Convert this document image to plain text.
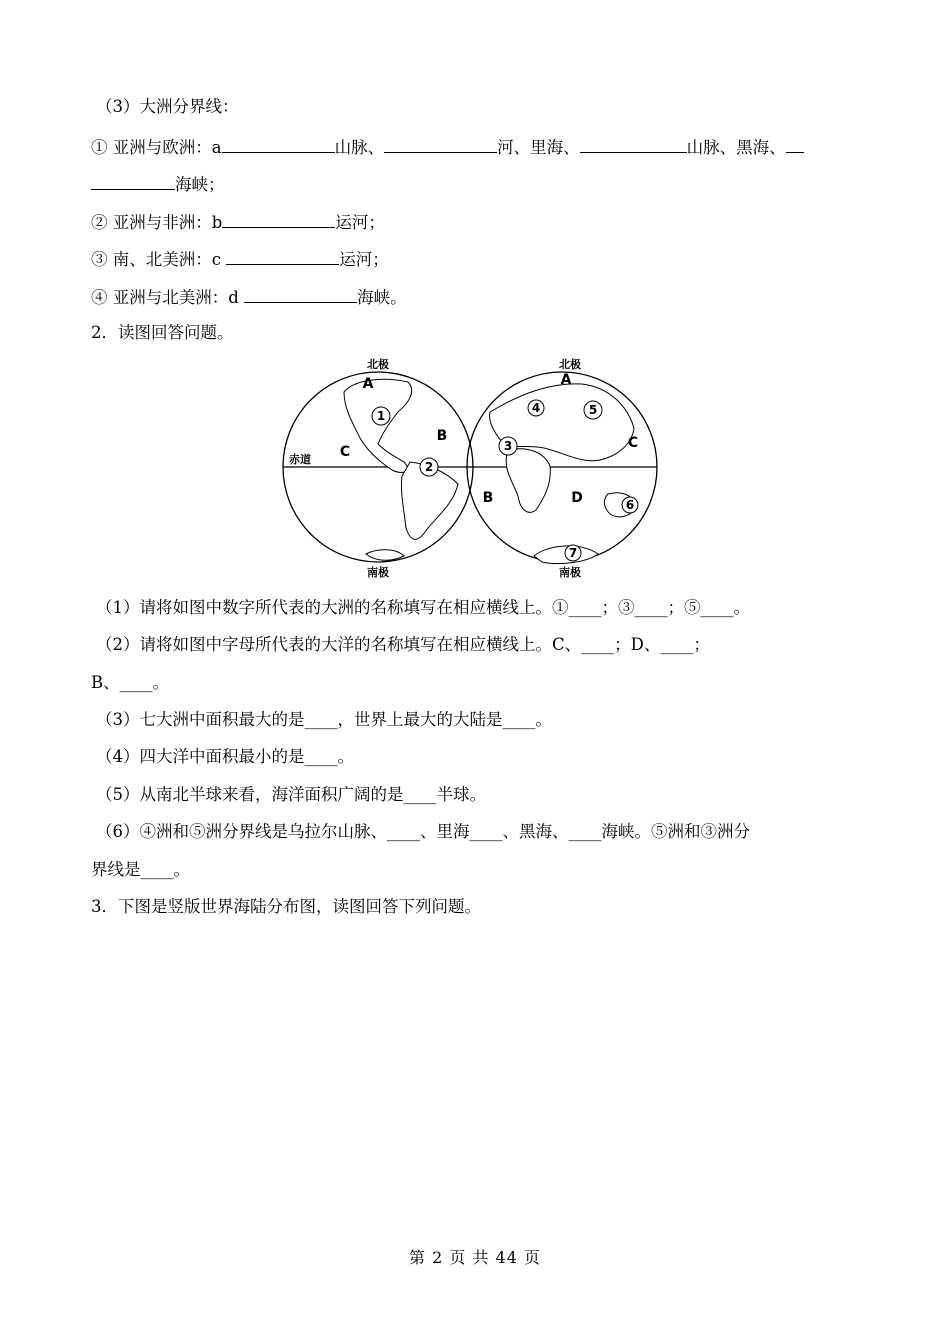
（3）大洲分界线：
① 亚洲与欧洲：a	山脉、	河、里海、	山脉、黑海、
海峡；
② 亚洲与非洲：b	运河；
③ 南、北美洲：c	运河；
④ 亚洲与北美洲：d	海峡。
2．读图回答问题。
北极	北极
南极	南极
赤道
A	A
B
B
C
C
D
1
2
3
4	5
6
7
（1）请将如图中数字所代表的大洲的名称填写在相应横线上。①____；③____；⑤____。
（2）请将如图中字母所代表的大洋的名称填写在相应横线上。C、____；D、____；
B、____。
（3）七大洲中面积最大的是____，世界上最大的大陆是____。
（4）四大洋中面积最小的是____。
（5）从南北半球来看，海洋面积广阔的是____半球。
（6）④洲和⑤洲分界线是乌拉尔山脉、____、里海____、黑海、____海峡。⑤洲和③洲分
界线是____。
3．下图是竖版世界海陆分布图，读图回答下列问题。
第 2 页 共 44 页
